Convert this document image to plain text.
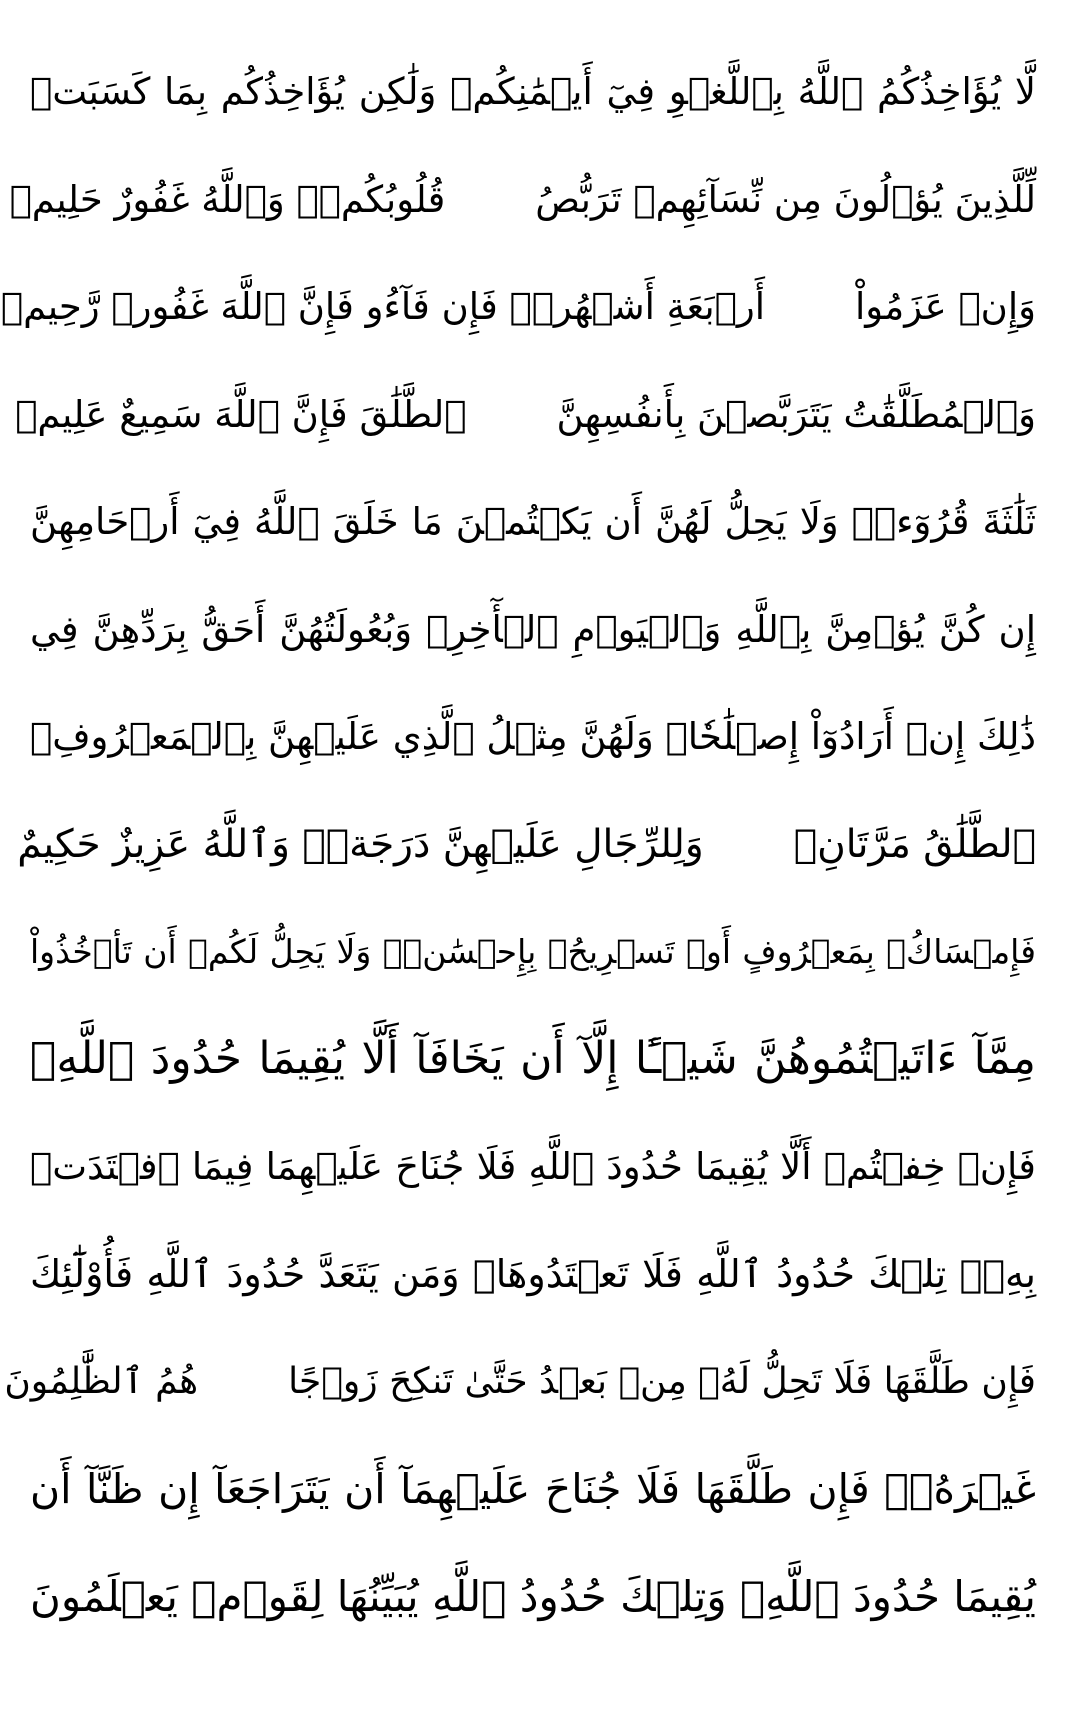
لَّا يُؤَاخِذُكُمُ ٱللَّهُ بِٱللَّغۡوِ فِيٓ أَيۡمَٰنِكُمۡ وَلَٰكِن يُؤَاخِذُكُم بِمَا كَسَبَتۡ
لِّلَّذِينَ يُؤۡلُونَ مِن نِّسَآئِهِمۡ تَرَبُّصُ
قُلُوبُكُمۡۗ وَٱللَّهُ غَفُورٌ حَلِيمٞ
وَإِنۡ عَزَمُواْ
أَرۡبَعَةِ أَشۡهُرٖۖ فَإِن فَآءُو فَإِنَّ ٱللَّهَ غَفُورٞ رَّحِيمٞ
وَٱلۡمُطَلَّقَٰتُ يَتَرَبَّصۡنَ بِأَنفُسِهِنَّ
ٱلطَّلَٰقَ فَإِنَّ ٱللَّهَ سَمِيعٌ عَلِيمٞ
ثَلَٰثَةَ قُرُوٓءٖۚ وَلَا يَحِلُّ لَهُنَّ أَن يَكۡتُمۡنَ مَا خَلَقَ ٱللَّهُ فِيٓ أَرۡحَامِهِنَّ
إِن كُنَّ يُؤۡمِنَّ بِٱللَّهِ وَٱلۡيَوۡمِ ٱلۡأٓخِرِۚ وَبُعُولَتُهُنَّ أَحَقُّ بِرَدِّهِنَّ فِي
ذَٰلِكَ إِنۡ أَرَادُوٓاْ إِصۡلَٰحٗاۚ وَلَهُنَّ مِثۡلُ ٱلَّذِي عَلَيۡهِنَّ بِٱلۡمَعۡرُوفِۚ
ٱلطَّلَٰقُ مَرَّتَانِۖ
وَلِلرِّجَالِ عَلَيۡهِنَّ دَرَجَةٞۗ وَٱللَّهُ عَزِيزٌ حَكِيمٌ
فَإِمۡسَاكُۢ بِمَعۡرُوفٍ أَوۡ تَسۡرِيحُۢ بِإِحۡسَٰنٖۗ وَلَا يَحِلُّ لَكُمۡ أَن تَأۡخُذُواْ
مِمَّآ ءَاتَيۡتُمُوهُنَّ شَيۡـًٔا إِلَّآ أَن يَخَافَآ أَلَّا يُقِيمَا حُدُودَ ٱللَّهِۖ
فَإِنۡ خِفۡتُمۡ أَلَّا يُقِيمَا حُدُودَ ٱللَّهِ فَلَا جُنَاحَ عَلَيۡهِمَا فِيمَا ٱفۡتَدَتۡ
بِهِۦۗ تِلۡكَ حُدُودُ ٱللَّهِ فَلَا تَعۡتَدُوهَاۚ وَمَن يَتَعَدَّ حُدُودَ ٱللَّهِ فَأُوْلَٰٓئِكَ
فَإِن طَلَّقَهَا فَلَا تَحِلُّ لَهُۥ مِنۢ بَعۡدُ حَتَّىٰ تَنكِحَ زَوۡجًا
هُمُ ٱلظَّٰلِمُونَ
غَيۡرَهُۥۗ فَإِن طَلَّقَهَا فَلَا جُنَاحَ عَلَيۡهِمَآ أَن يَتَرَاجَعَآ إِن ظَنَّآ أَن
يُقِيمَا حُدُودَ ٱللَّهِۗ وَتِلۡكَ حُدُودُ ٱللَّهِ يُبَيِّنُهَا لِقَوۡمٖ يَعۡلَمُونَ
